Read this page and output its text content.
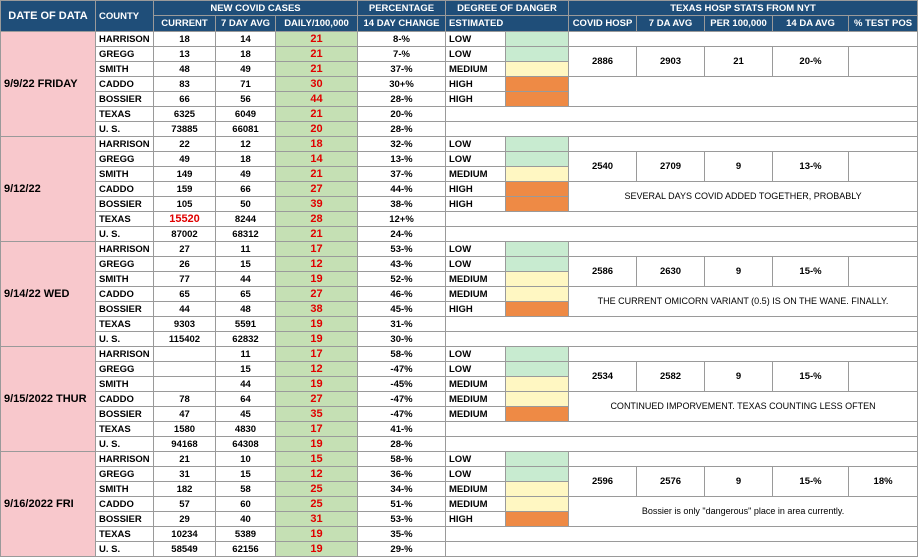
DATE OF DATA	COUNTY	NEW COVID CASES			PERCENTAGE	DEGREE OF DANGER		TEXAS HOSP STATS FROM NYT				
		CURRENT	7 DAY AVG	DAILY/100,000	14 DAY CHANGE	ESTIMATED		COVID HOSP	7 DA AVG	PER 100,000	14 DA AVG	% TEST POS
9/9/22 FRIDAY	HARRISON	18	14	21	8-%	LOW						
	GREGG	13	18	21	7-%	LOW		2886	2903	21	20-%	
	SMITH	48	49	21	37-%	MEDIUM						
	CADDO	83	71	30	30+%	HIGH						
	BOSSIER	66	56	44	28-%	HIGH						
	TEXAS	6325	6049	21	20-%							
	U. S.	73885	66081	20	28-%							
9/12/22	HARRISON	22	12	18	32-%	LOW						
	GREGG	49	18	14	13-%	LOW		2540	2709	9	13-%	
	SMITH	149	49	21	37-%	MEDIUM						
	CADDO	159	66	27	44-%	HIGH		SEVERAL DAYS COVID ADDED TOGETHER, PROBABLY				
	BOSSIER	105	50	39	38-%	HIGH						
	TEXAS	15520	8244	28	12+%							
	U. S.	87002	68312	21	24-%							
9/14/22 WED	HARRISON	27	11	17	53-%	LOW						
	GREGG	26	15	12	43-%	LOW		2586	2630	9	15-%	
	SMITH	77	44	19	52-%	MEDIUM						
	CADDO	65	65	27	46-%	MEDIUM		THE CURRENT OMICORN VARIANT (0.5) IS ON THE WANE. FINALLY.				
	BOSSIER	44	48	38	45-%	HIGH						
	TEXAS	9303	5591	19	31-%							
	U. S.	115402	62832	19	30-%							
9/15/2022 THUR	HARRISON		11	17	58-%	LOW						
	GREGG		15	12	-47%	LOW		2534	2582	9	15-%	
	SMITH		44	19	-45%	MEDIUM						
	CADDO	78	64	27	-47%	MEDIUM		CONTINUED IMPORVEMENT. TEXAS COUNTING LESS OFTEN				
	BOSSIER	47	45	35	-47%	MEDIUM						
	TEXAS	1580	4830	17	41-%							
	U. S.	94168	64308	19	28-%							
9/16/2022 FRI	HARRISON	21	10	15	58-%	LOW						
	GREGG	31	15	12	36-%	LOW		2596	2576	9	15-%	18%
	SMITH	182	58	25	34-%	MEDIUM						
	CADDO	57	60	25	51-%	MEDIUM		Bossier is only "dangerous" place in area currently.				
	BOSSIER	29	40	31	53-%	HIGH						
	TEXAS	10234	5389	19	35-%							
	U. S.	58549	62156	19	29-%							
